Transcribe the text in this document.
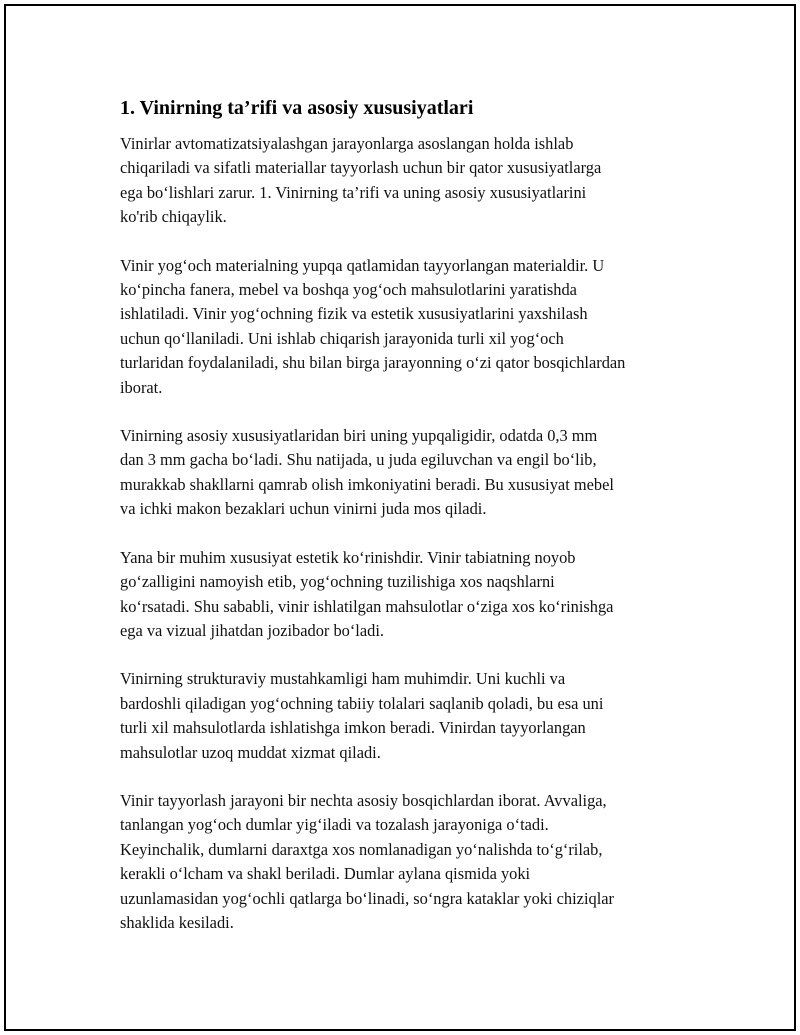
1. Vinirning ta’rifi va asosiy xususiyatlari
Vinirlar avtomatizatsiyalashgan jarayonlarga asoslangan holda ishlab
chiqariladi va sifatli materiallar tayyorlash uchun bir qator xususiyatlarga
ega bo‘lishlari zarur. 1. Vinirning ta’rifi va uning asosiy xususiyatlarini
ko'rib chiqaylik.
Vinir yog‘och materialning yupqa qatlamidan tayyorlangan materialdir. U
ko‘pincha fanera, mebel va boshqa yog‘och mahsulotlarini yaratishda
ishlatiladi. Vinir yog‘ochning fizik va estetik xususiyatlarini yaxshilash
uchun qo‘llaniladi. Uni ishlab chiqarish jarayonida turli xil yog‘och
turlaridan foydalaniladi, shu bilan birga jarayonning o‘zi qator bosqichlardan
iborat.
Vinirning asosiy xususiyatlaridan biri uning yupqaligidir, odatda 0,3 mm
dan 3 mm gacha bo‘ladi. Shu natijada, u juda egiluvchan va engil bo‘lib,
murakkab shakllarni qamrab olish imkoniyatini beradi. Bu xususiyat mebel
va ichki makon bezaklari uchun vinirni juda mos qiladi.
Yana bir muhim xususiyat estetik ko‘rinishdir. Vinir tabiatning noyob
go‘zalligini namoyish etib, yog‘ochning tuzilishiga xos naqshlarni
ko‘rsatadi. Shu sababli, vinir ishlatilgan mahsulotlar o‘ziga xos ko‘rinishga
ega va vizual jihatdan jozibador bo‘ladi.
Vinirning strukturaviy mustahkamligi ham muhimdir. Uni kuchli va
bardoshli qiladigan yog‘ochning tabiiy tolalari saqlanib qoladi, bu esa uni
turli xil mahsulotlarda ishlatishga imkon beradi. Vinirdan tayyorlangan
mahsulotlar uzoq muddat xizmat qiladi.
Vinir tayyorlash jarayoni bir nechta asosiy bosqichlardan iborat. Avvaliga,
tanlangan yog‘och dumlar yig‘iladi va tozalash jarayoniga o‘tadi.
Keyinchalik, dumlarni daraxtga xos nomlanadigan yo‘nalishda to‘g‘rilab,
kerakli o‘lcham va shakl beriladi. Dumlar aylana qismida yoki
uzunlamasidan yog‘ochli qatlarga bo‘linadi, so‘ngra kataklar yoki chiziqlar
shaklida kesiladi.
